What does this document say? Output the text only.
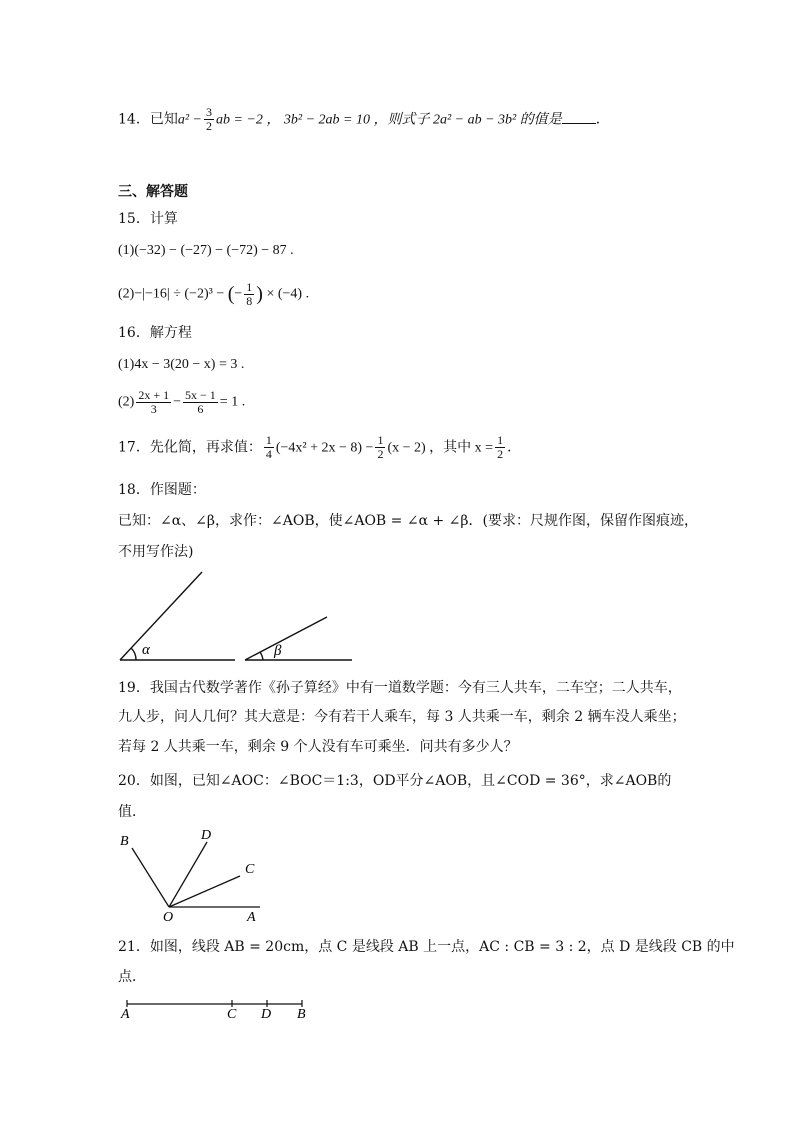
14．已知$a^2 - \frac{3}{2}$ ab = −2 ， 3b² − 2ab = 10 ，则式子 2a² − ab − 3b² 的值是 ．
三、解答题
15．计算
(1)(−32) − (−27) − (−72) − 87 .
(2)−|−16| ÷ (−2)³ − (− $\frac{1}{8}$ ) × (−4) .
16．解方程
(1)4x − 3(20 − x) = 3 .
$(2) \frac{2x + 1}{3} - \frac{5x - 1}{6} = 1$ .
17．先化简，再求值： $\frac{1}{4} (-4x^2 + 2x - 8) - \frac{1}{2} (x - 2)$ ，其中 $x = \frac{1}{2}$ ．
18．作图题：
已知：∠α、∠β，求作：∠AOB，使∠AOB = ∠α + ∠β．(要求：尺规作图，保留作图痕迹，
不用写作法)
α	β
B	D
C
O	A
A	C D B
19．我国古代数学著作《孙子算经》中有一道数学题：今有三人共车，二车空；二人共车，
九人步，问人几何？其大意是：今有若干人乘车，每 3 人共乘一车，剩余 2 辆车没人乘坐；
若每 2 人共乘一车，剩余 9 个人没有车可乘坐．问共有多少人？
20．如图，已知∠AOC：∠BOC＝1:3，OD平分∠AOB，且∠COD = 36°，求∠AOB的
值．
21．如图，线段 AB = 20cm，点 C 是线段 AB 上一点，AC : CB = 3 : 2，点 D 是线段 CB 的中
点．
